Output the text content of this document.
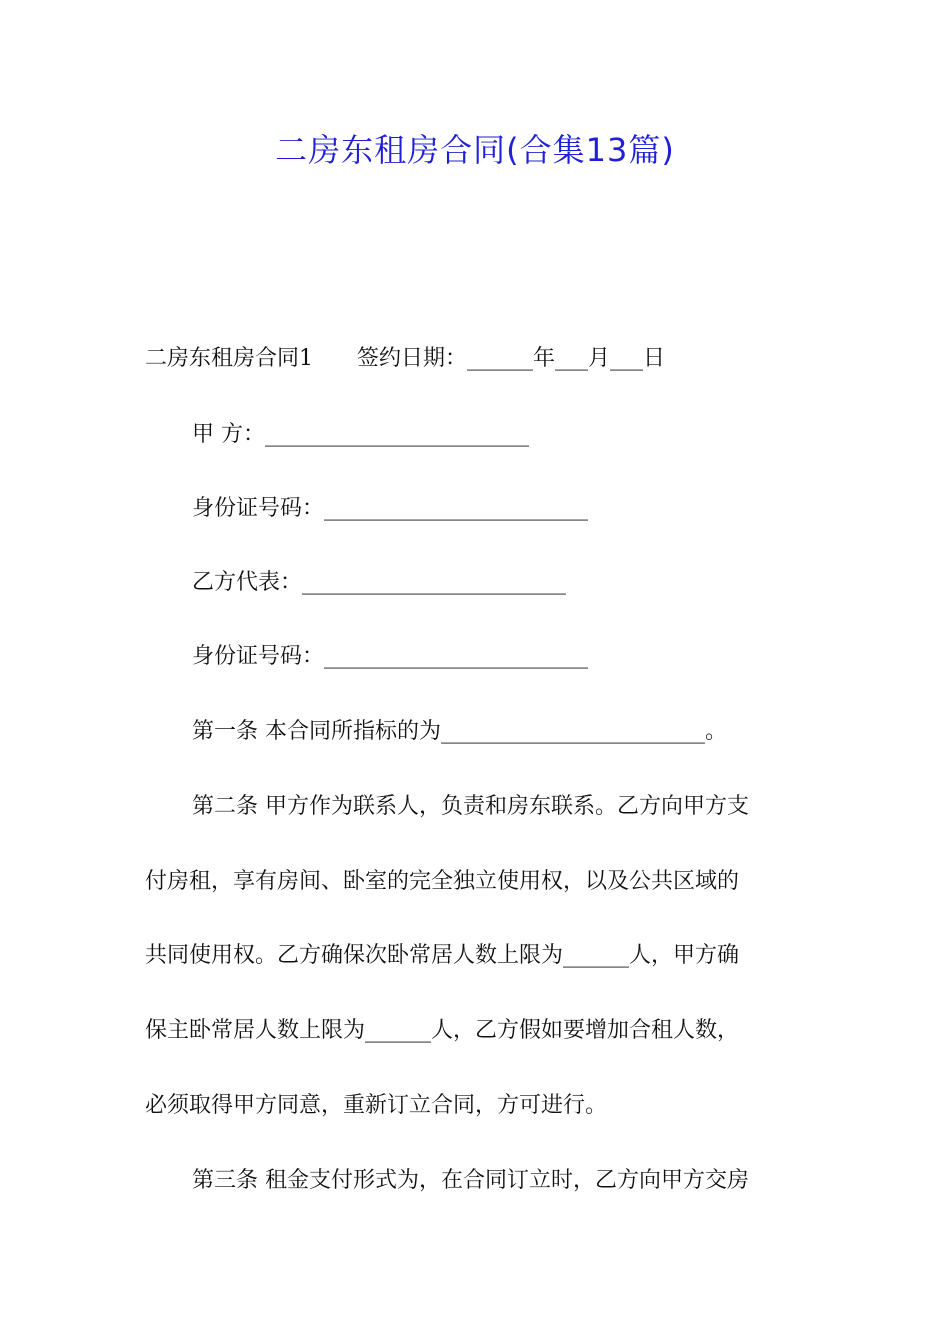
二房东租房合同(合集13篇)
二房东租房合同1　　签约日期：______年___月___日
甲 方：________________________
身份证号码：________________________
乙方代表：________________________
身份证号码：________________________
第一条 本合同所指标的为________________________。
第二条 甲方作为联系人，负责和房东联系。乙方向甲方支
付房租，享有房间、卧室的完全独立使用权，以及公共区域的
共同使用权。乙方确保次卧常居人数上限为______人，甲方确
保主卧常居人数上限为______人，乙方假如要增加合租人数，
必须取得甲方同意，重新订立合同，方可进行。
第三条 租金支付形式为，在合同订立时，乙方向甲方交房
